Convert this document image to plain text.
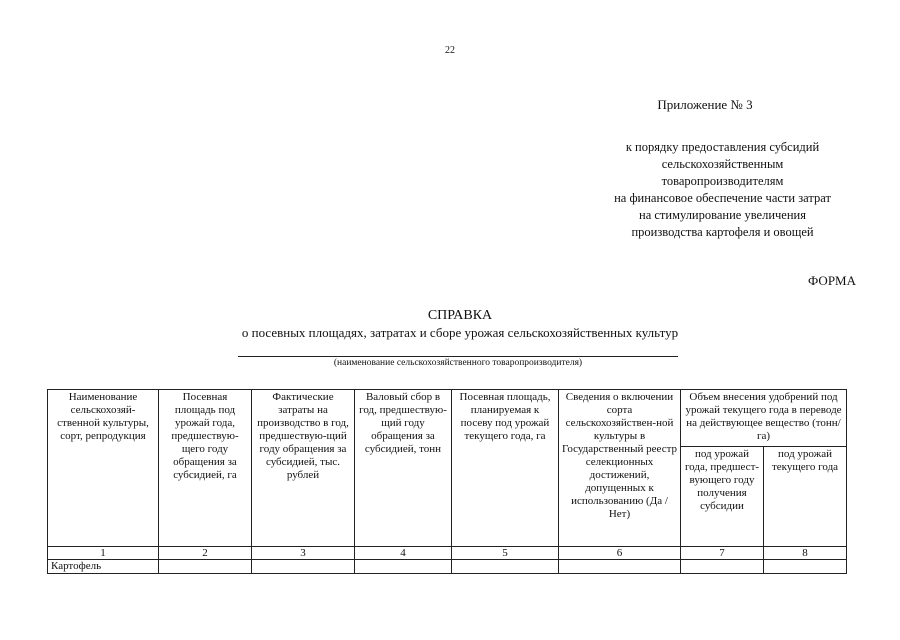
22
Приложение № 3
к порядку предоставления субсидий
сельскохозяйственным
товаропроизводителям
на финансовое обеспечение части затрат
на стимулирование увеличения
производства картофеля и овощей
ФОРМА
СПРАВКА
о посевных площадях, затратах и сборе урожая сельскохозяйственных культур
(наименование сельскохозяйственного товаропроизводителя)
Наименование сельскохозяй-ственной культуры, сорт, репродукция	Посевная площадь под урожай года, предшествую-щего году обращения за субсидией, га	Фактические затраты на производство в год, предшествую-щий году обращения за субсидией, тыс. рублей	Валовый сбор в год, предшествую-щий году обращения за субсидией, тонн	Посевная площадь, планируемая к посеву под урожай текущего года, га	Сведения о включении сорта сельскохозяйствен-ной культуры в Государственный реестр селекционных достижений, допущенных к использованию (Да /Нет)	Объем внесения удобрений под урожай текущего года в переводе на действующее вещество (тонн/га)	
						под урожай года, предшест-вующего году получения субсидии	под урожай текущего года
1	2	3	4	5	6	7	8
Картофель							
